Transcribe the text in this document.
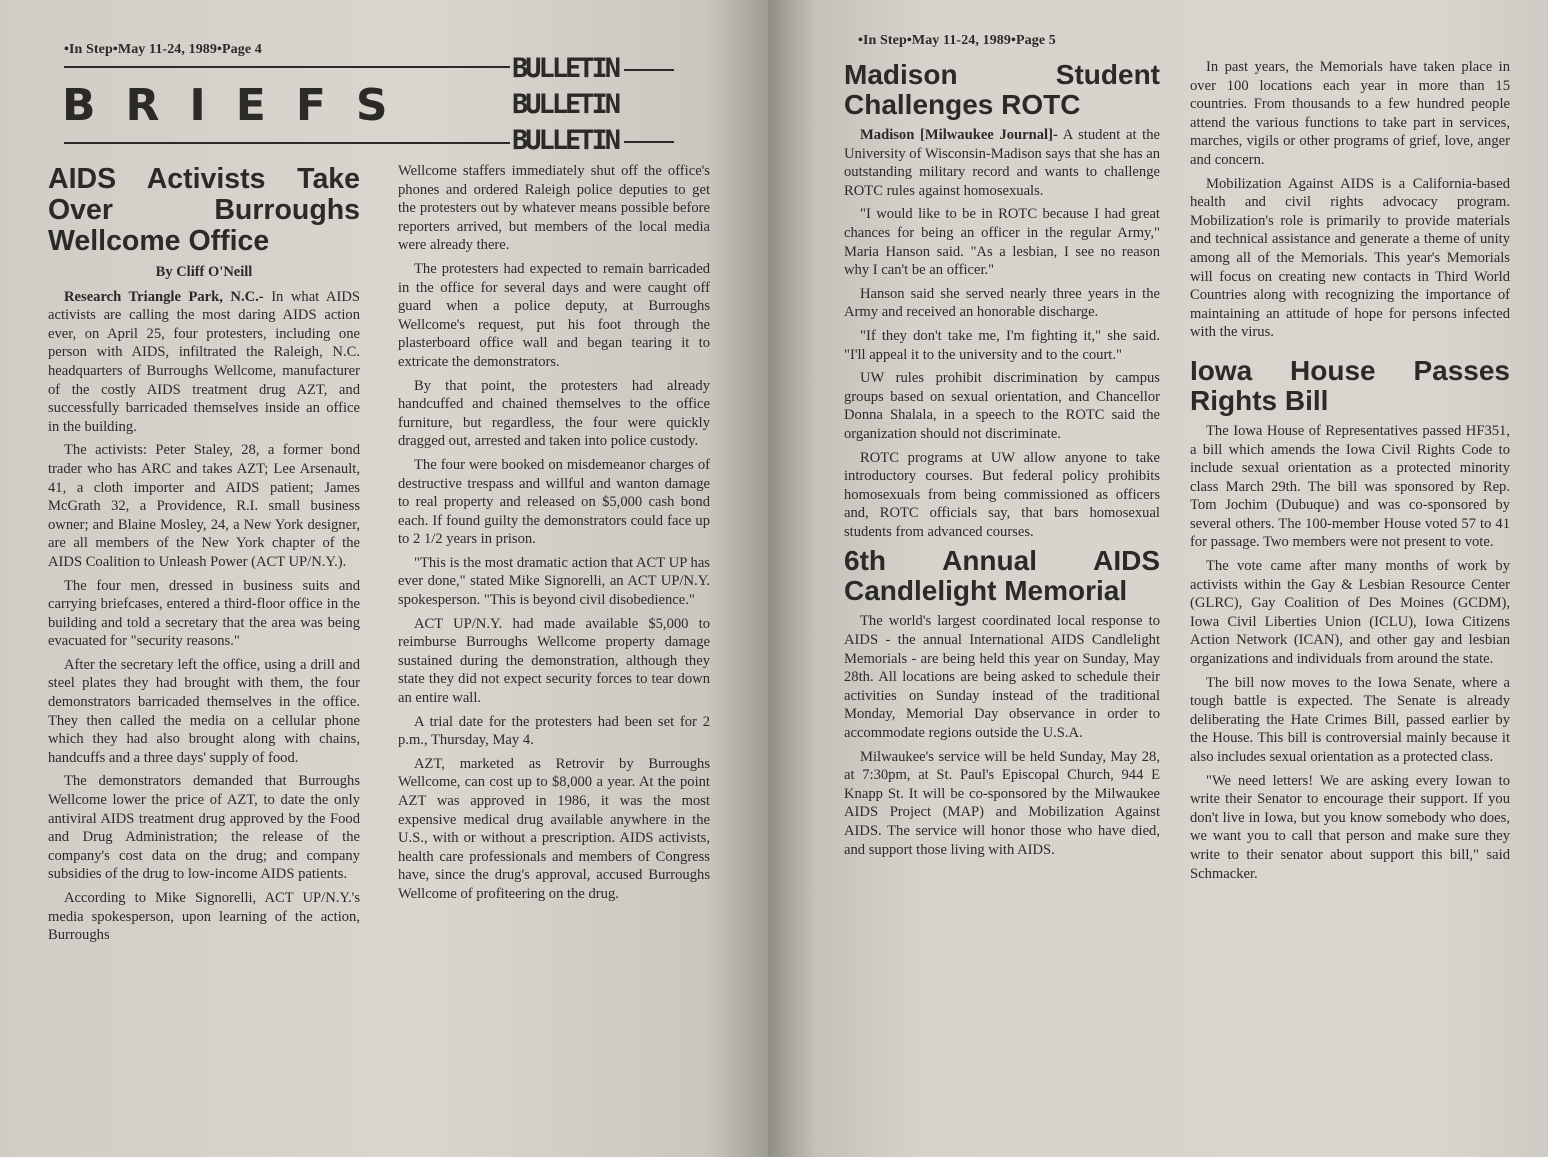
•In Step•May 11-24, 1989•Page 4
BRIEFS
BULLETIN
BULLETIN
BULLETIN
AIDS Activists Take Over Burroughs Wellcome Office
By Cliff O'Neill

Research Triangle Park, N.C.- In what AIDS activists are calling the most daring AIDS action ever, on April 25, four protesters, including one person with AIDS, infiltrated the Raleigh, N.C. headquarters of Burroughs Wellcome, manufacturer of the costly AIDS treatment drug AZT, and successfully barricaded themselves inside an office in the building.

The activists: Peter Staley, 28, a former bond trader who has ARC and takes AZT; Lee Arsenault, 41, a cloth importer and AIDS patient; James McGrath 32, a Providence, R.I. small business owner; and Blaine Mosley, 24, a New York designer, are all members of the New York chapter of the AIDS Coalition to Unleash Power (ACT UP/N.Y.).

The four men, dressed in business suits and carrying briefcases, entered a third-floor office in the building and told a secretary that the area was being evacuated for "security reasons."

After the secretary left the office, using a drill and steel plates they had brought with them, the four demonstrators barricaded themselves in the office. They then called the media on a cellular phone which they had also brought along with chains, handcuffs and a three days' supply of food.

The demonstrators demanded that Burroughs Wellcome lower the price of AZT, to date the only antiviral AIDS treatment drug approved by the Food and Drug Administration; the release of the company's cost data on the drug; and company subsidies of the drug to low-income AIDS patients.

According to Mike Signorelli, ACT UP/N.Y.'s media spokesperson, upon learning of the action, Burroughs

Wellcome staffers immediately shut off the office's phones and ordered Raleigh police deputies to get the protesters out by whatever means possible before reporters arrived, but members of the local media were already there.

The protesters had expected to remain barricaded in the office for several days and were caught off guard when a police deputy, at Burroughs Wellcome's request, put his foot through the plasterboard office wall and began tearing it to extricate the demonstrators.

By that point, the protesters had already handcuffed and chained themselves to the office furniture, but regardless, the four were quickly dragged out, arrested and taken into police custody.

The four were booked on misdemeanor charges of destructive trespass and willful and wanton damage to real property and released on $5,000 cash bond each. If found guilty the demonstrators could face up to 2 1/2 years in prison.

"This is the most dramatic action that ACT UP has ever done," stated Mike Signorelli, an ACT UP/N.Y. spokesperson. "This is beyond civil disobedience."

ACT UP/N.Y. had made available $5,000 to reimburse Burroughs Wellcome property damage sustained during the demonstration, although they state they did not expect security forces to tear down an entire wall.

A trial date for the protesters had been set for 2 p.m., Thursday, May 4.

AZT, marketed as Retrovir by Burroughs Wellcome, can cost up to $8,000 a year. At the point AZT was approved in 1986, it was the most expensive medical drug available anywhere in the U.S., with or without a prescription. AIDS activists, health care professionals and members of Congress have, since the drug's approval, accused Burroughs Wellcome of profiteering on the drug.

•In Step•May 11-24, 1989•Page 5
Madison Student Challenges ROTC

Madison [Milwaukee Journal]- A student at the University of Wisconsin-Madison says that she has an outstanding military record and wants to challenge ROTC rules against homosexuals.

"I would like to be in ROTC because I had great chances for being an officer in the regular Army," Maria Hanson said. "As a lesbian, I see no reason why I can't be an officer."

Hanson said she served nearly three years in the Army and received an honorable discharge.

"If they don't take me, I'm fighting it," she said. "I'll appeal it to the university and to the court."

UW rules prohibit discrimination by campus groups based on sexual orientation, and Chancellor Donna Shalala, in a speech to the ROTC said the organization should not discriminate.

ROTC programs at UW allow anyone to take introductory courses. But federal policy prohibits homosexuals from being commissioned as officers and, ROTC officials say, that bars homosexual students from advanced courses.

6th Annual AIDS Candlelight Memorial

The world's largest coordinated local response to AIDS - the annual International AIDS Candlelight Memorials - are being held this year on Sunday, May 28th. All locations are being asked to schedule their activities on Sunday instead of the traditional Monday, Memorial Day observance in order to accommodate regions outside the U.S.A.

Milwaukee's service will be held Sunday, May 28, at 7:30pm, at St. Paul's Episcopal Church, 944 E Knapp St. It will be co-sponsored by the Milwaukee AIDS Project (MAP) and Mobilization Against AIDS. The service will honor those who have died, and support those living with AIDS.

In past years, the Memorials have taken place in over 100 locations each year in more than 15 countries. From thousands to a few hundred people attend the various functions to take part in services, marches, vigils or other programs of grief, love, anger and concern.

Mobilization Against AIDS is a California-based health and civil rights advocacy program. Mobilization's role is primarily to provide materials and technical assistance and generate a theme of unity among all of the Memorials. This year's Memorials will focus on creating new contacts in Third World Countries along with recognizing the importance of maintaining an attitude of hope for persons infected with the virus.

Iowa House Passes Rights Bill

The Iowa House of Representatives passed HF351, a bill which amends the Iowa Civil Rights Code to include sexual orientation as a protected minority class March 29th. The bill was sponsored by Rep. Tom Jochim (Dubuque) and was co-sponsored by several others. The 100-member House voted 57 to 41 for passage. Two members were not present to vote.

The vote came after many months of work by activists within the Gay & Lesbian Resource Center (GLRC), Gay Coalition of Des Moines (GCDM), Iowa Civil Liberties Union (ICLU), Iowa Citizens Action Network (ICAN), and other gay and lesbian organizations and individuals from around the state.

The bill now moves to the Iowa Senate, where a tough battle is expected. The Senate is already deliberating the Hate Crimes Bill, passed earlier by the House. This bill is controversial mainly because it also includes sexual orientation as a protected class.

"We need letters! We are asking every Iowan to write their Senator to encourage their support. If you don't live in Iowa, but you know somebody who does, we want you to call that person and make sure they write to their senator about support this bill," said Schmacker.
